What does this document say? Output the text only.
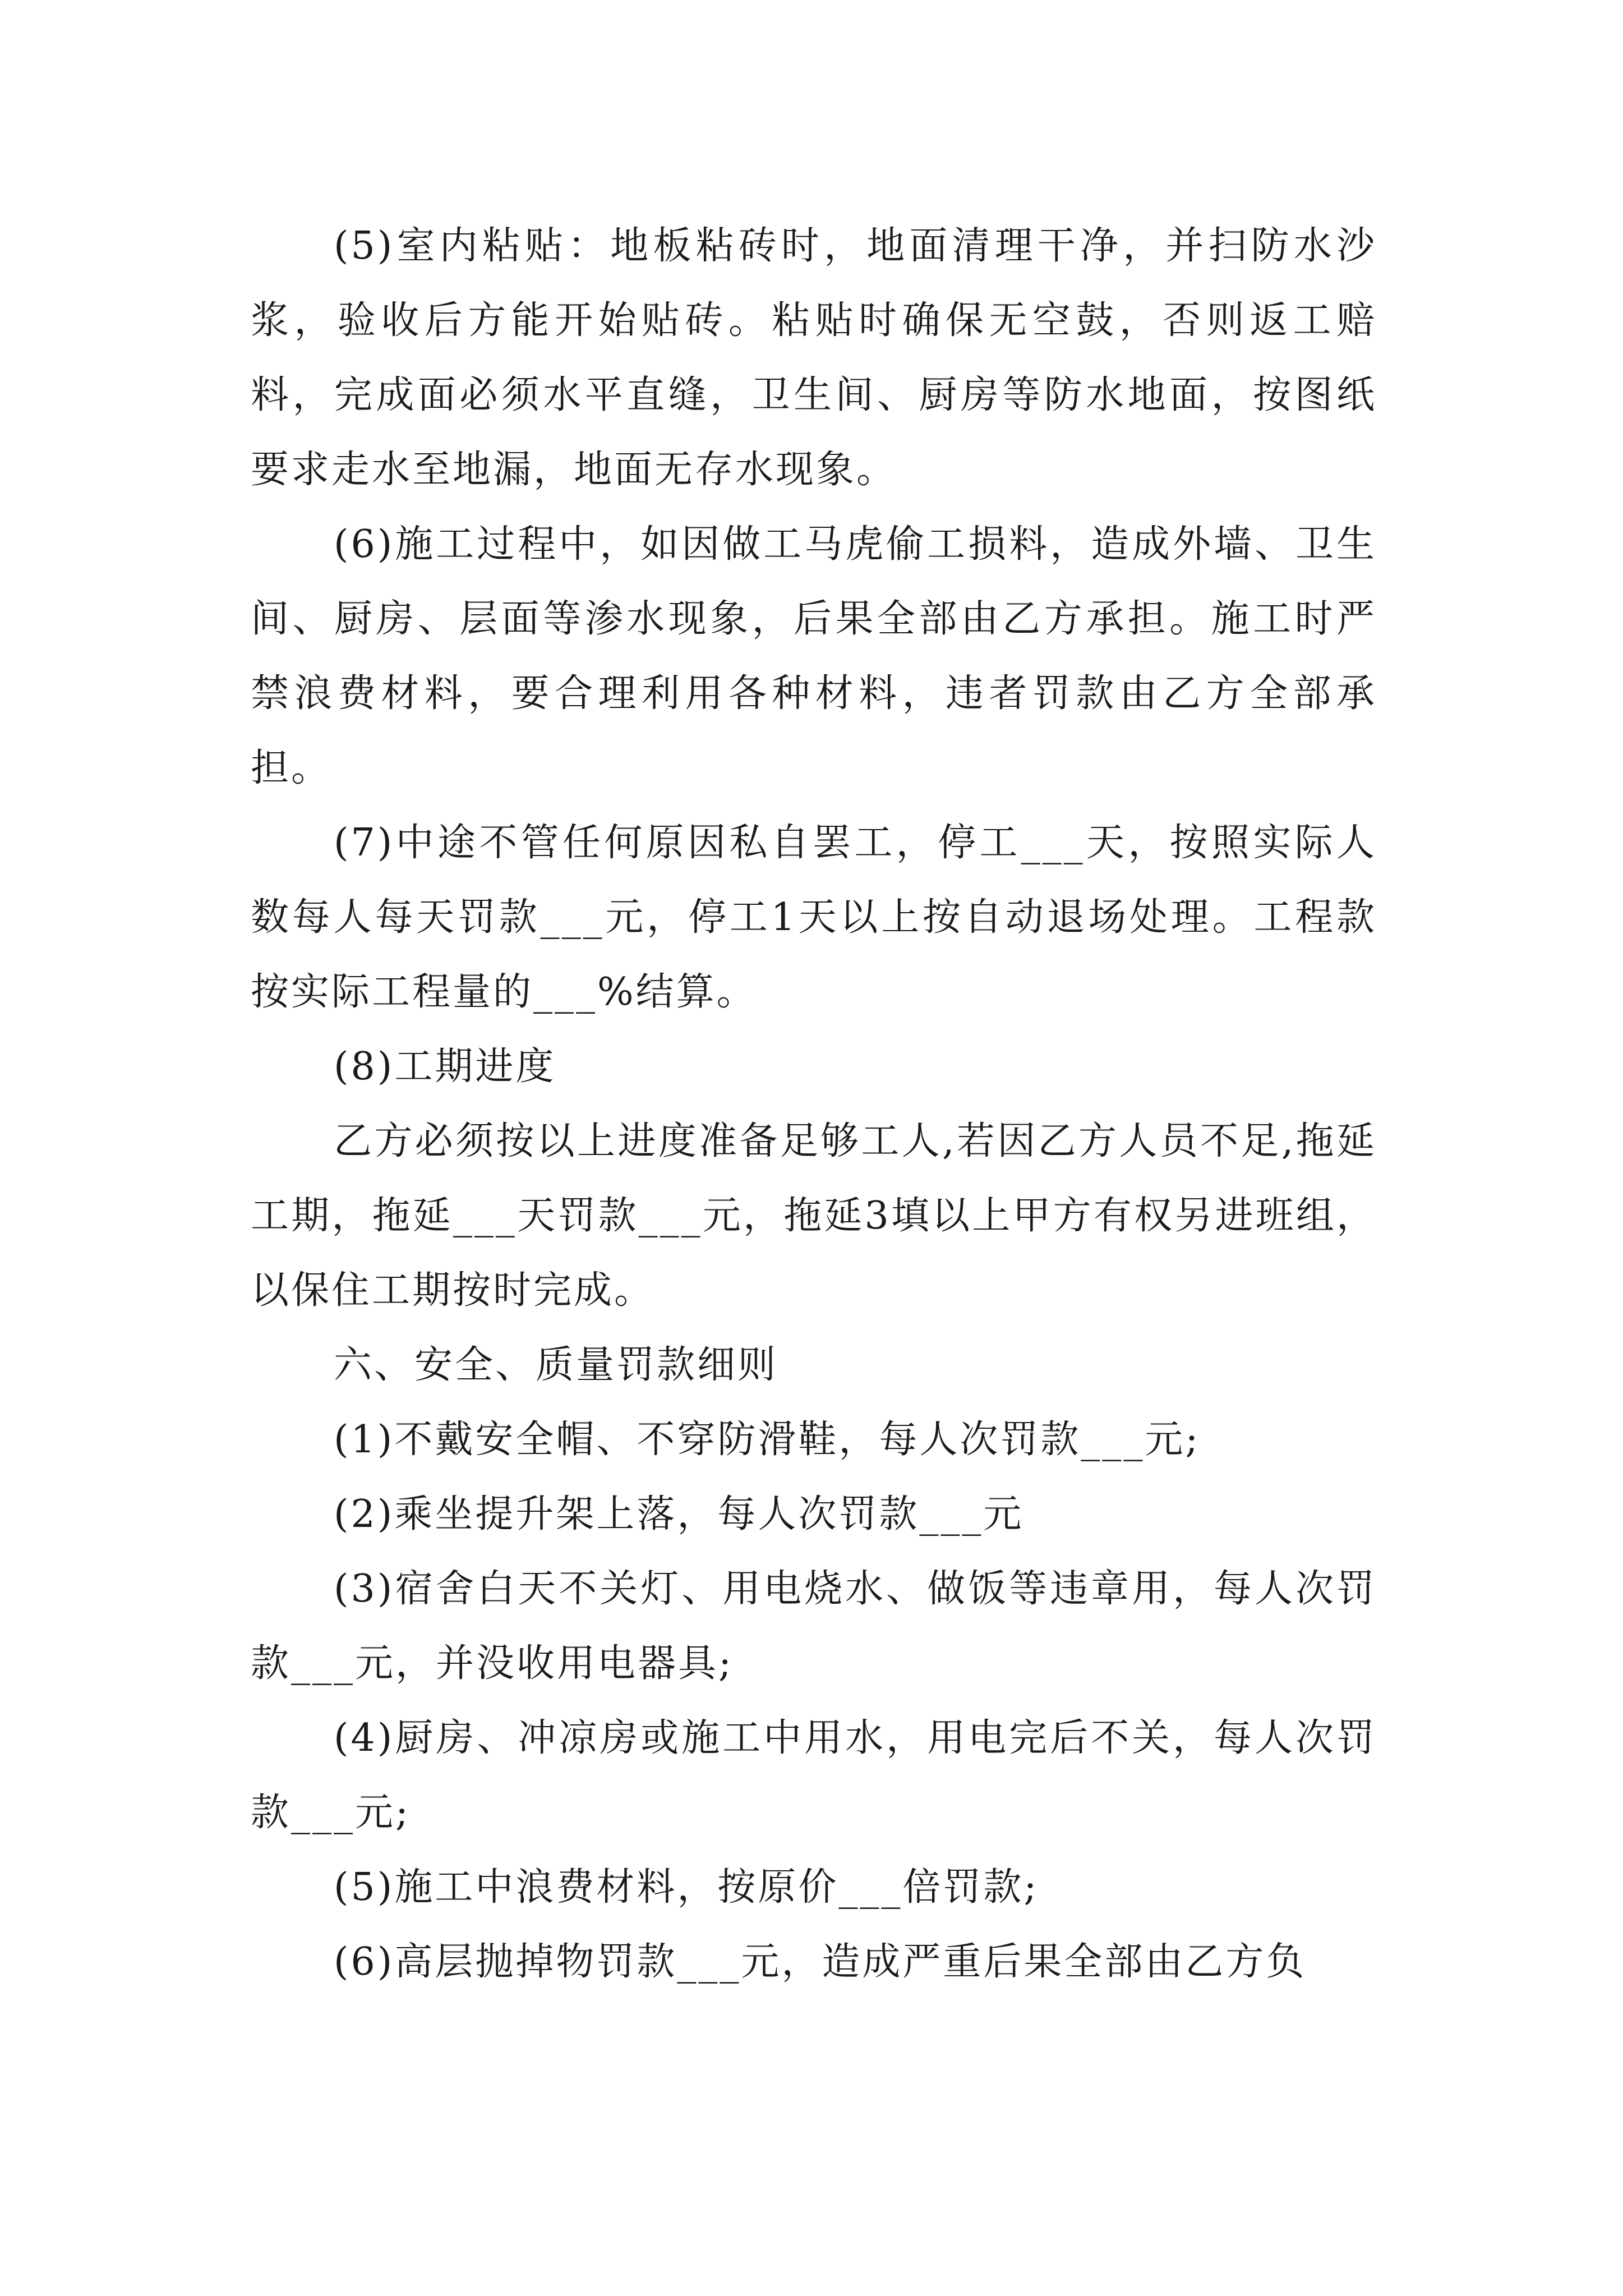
(5)室内粘贴：地板粘砖时，地面清理干净，并扫防水沙浆，验收后方能开始贴砖。粘贴时确保无空鼓，否则返工赔料，完成面必须水平直缝，卫生间、厨房等防水地面，按图纸要求走水至地漏，地面无存水现象。

(6)施工过程中，如因做工马虎偷工损料，造成外墙、卫生间、厨房、层面等渗水现象，后果全部由乙方承担。施工时严禁浪费材料，要合理利用各种材料，违者罚款由乙方全部承担。

(7)中途不管任何原因私自罢工，停工___天，按照实际人数每人每天罚款___元，停工1天以上按自动退场处理。工程款按实际工程量的___%结算。

(8)工期进度

乙方必须按以上进度准备足够工人,若因乙方人员不足,拖延工期，拖延___天罚款___元，拖延3填以上甲方有权另进班组，以保住工期按时完成。

六、安全、质量罚款细则

(1)不戴安全帽、不穿防滑鞋，每人次罚款___元;

(2)乘坐提升架上落，每人次罚款___元

(3)宿舍白天不关灯、用电烧水、做饭等违章用，每人次罚款___元，并没收用电器具;

(4)厨房、冲凉房或施工中用水，用电完后不关，每人次罚款___元;

(5)施工中浪费材料，按原价___倍罚款;

(6)高层抛掉物罚款___元，造成严重后果全部由乙方负
